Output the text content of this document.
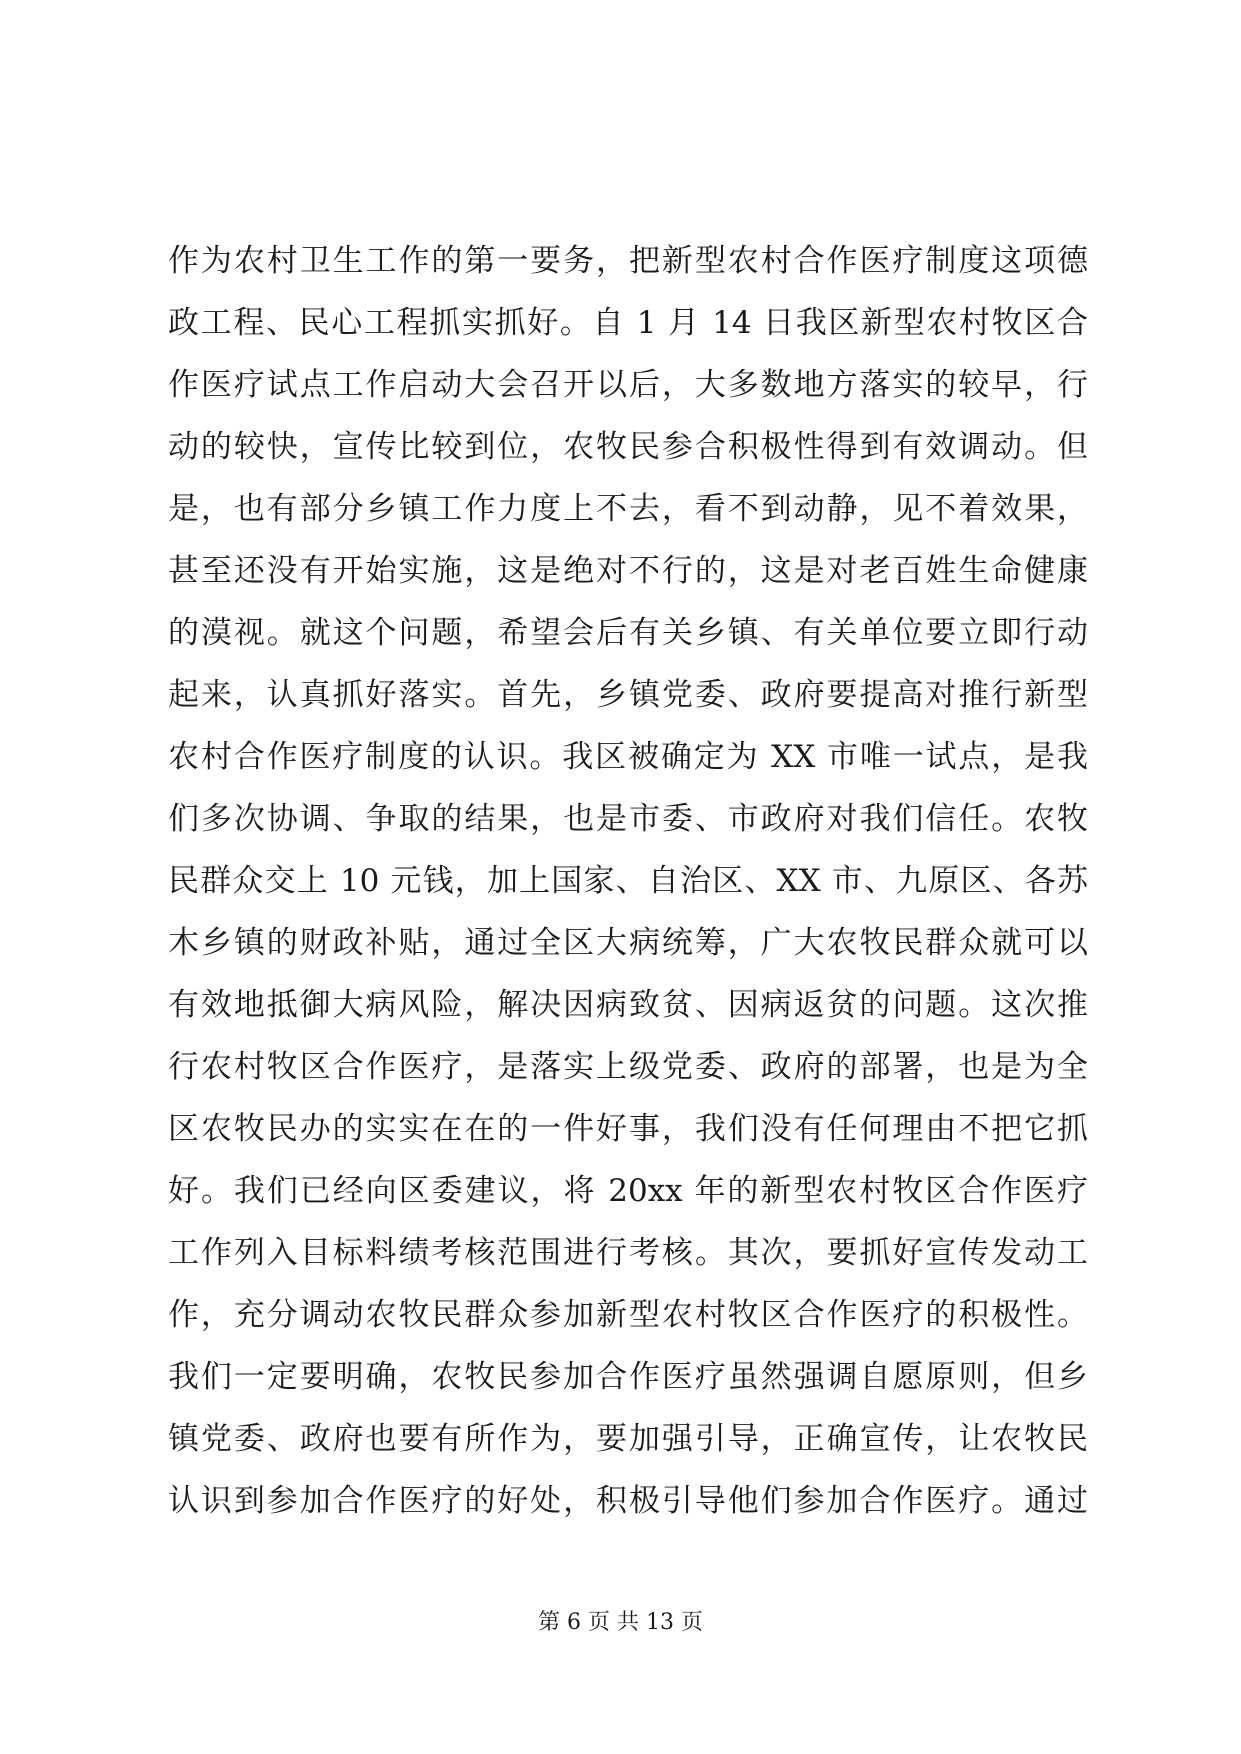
作为农村卫生工作的第一要务，把新型农村合作医疗制度这项德
政工程、民心工程抓实抓好。自 1 月 14 日我区新型农村牧区合
作医疗试点工作启动大会召开以后，大多数地方落实的较早，行
动的较快，宣传比较到位，农牧民参合积极性得到有效调动。但
是，也有部分乡镇工作力度上不去，看不到动静，见不着效果，
甚至还没有开始实施，这是绝对不行的，这是对老百姓生命健康
的漠视。就这个问题，希望会后有关乡镇、有关单位要立即行动
起来，认真抓好落实。首先，乡镇党委、政府要提高对推行新型
农村合作医疗制度的认识。我区被确定为 XX 市唯一试点，是我
们多次协调、争取的结果，也是市委、市政府对我们信任。农牧
民群众交上 10 元钱，加上国家、自治区、XX 市、九原区、各苏
木乡镇的财政补贴，通过全区大病统筹，广大农牧民群众就可以
有效地抵御大病风险，解决因病致贫、因病返贫的问题。这次推
行农村牧区合作医疗，是落实上级党委、政府的部署，也是为全
区农牧民办的实实在在的一件好事，我们没有任何理由不把它抓
好。我们已经向区委建议，将 20xx 年的新型农村牧区合作医疗
工作列入目标料绩考核范围进行考核。其次，要抓好宣传发动工
作，充分调动农牧民群众参加新型农村牧区合作医疗的积极性。
我们一定要明确，农牧民参加合作医疗虽然强调自愿原则，但乡
镇党委、政府也要有所作为，要加强引导，正确宣传，让农牧民
认识到参加合作医疗的好处，积极引导他们参加合作医疗。通过
第 6 页 共 13 页
